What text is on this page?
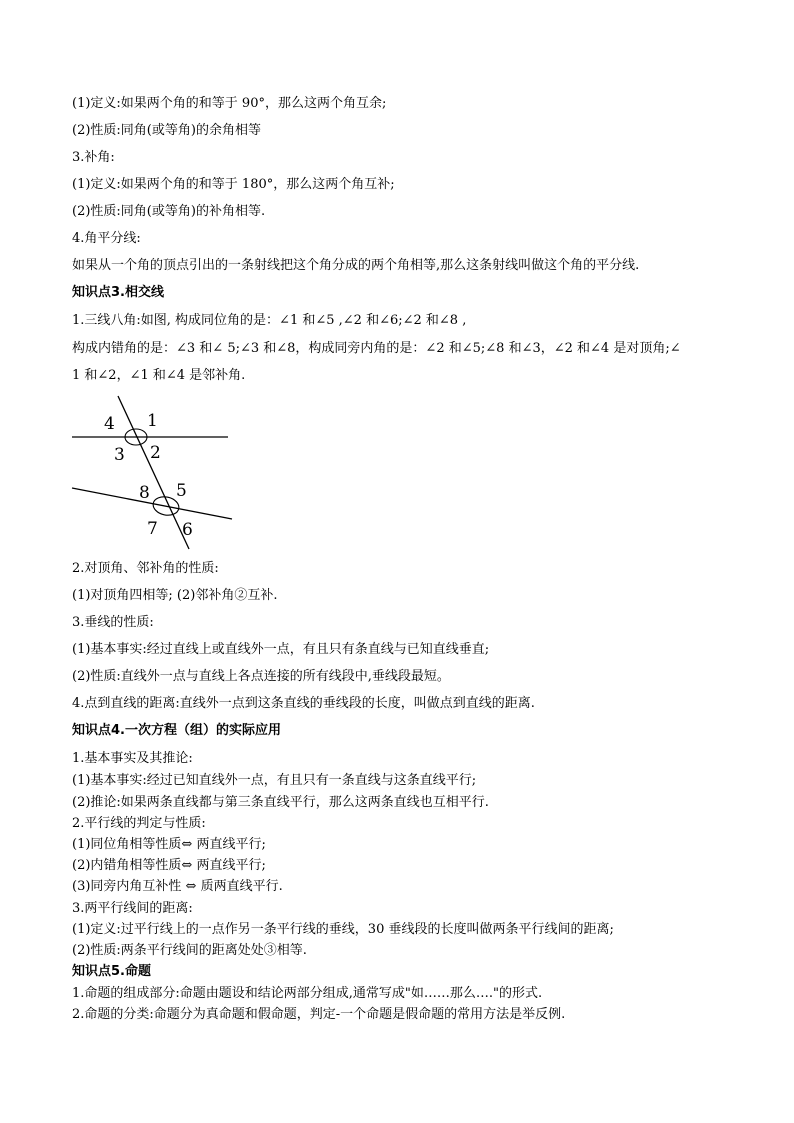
(1)定义:如果两个角的和等于 90°，那么这两个角互余;
(2)性质:同角(或等角)的余角相等
3.补角:
(1)定义:如果两个角的和等于 180°，那么这两个角互补;
(2)性质:同角(或等角)的补角相等.
4.角平分线:
如果从一个角的顶点引出的一条射线把这个角分成的两个角相等,那么这条射线叫做这个角的平分线.
知识点3.相交线
1.三线八角:如图, 构成同位角的是：∠1 和∠5 ,∠2 和∠6;∠2 和∠8 ,
构成内错角的是：∠3 和∠ 5;∠3 和∠8，构成同旁内角的是：∠2 和∠5;∠8 和∠3，∠2 和∠4 是对顶角;∠
1 和∠2，∠1 和∠4 是邻补角.
4 1
3 2
8 5
7 6
2.对顶角、邻补角的性质:
(1)对顶角四相等; (2)邻补角②互补.
3.垂线的性质:
(1)基本事实:经过直线上或直线外一点，有且只有条直线与已知直线垂直;
(2)性质:直线外一点与直线上各点连接的所有线段中,垂线段最短。
4.点到直线的距离:直线外一点到这条直线的垂线段的长度，叫做点到直线的距离.
知识点4.一次方程（组）的实际应用
1.基本事实及其推论:
(1)基本事实:经过已知直线外一点，有且只有一条直线与这条直线平行;
(2)推论:如果两条直线都与第三条直线平行，那么这两条直线也互相平行.
2.平行线的判定与性质:
(1)同位角相等性质⇔ 两直线平行;
(2)内错角相等性质⇔ 两直线平行;
(3)同旁内角互补性 ⇔ 质两直线平行.
3.两平行线间的距离:
(1)定义:过平行线上的一点作另一条平行线的垂线，30 垂线段的长度叫做两条平行线间的距离;
(2)性质:两条平行线间的距离处处③相等.
知识点5.命题
1.命题的组成部分:命题由题设和结论两部分组成,通常写成"如……那么…."的形式.
2.命题的分类:命题分为真命题和假命题，判定-一个命题是假命题的常用方法是举反例.
